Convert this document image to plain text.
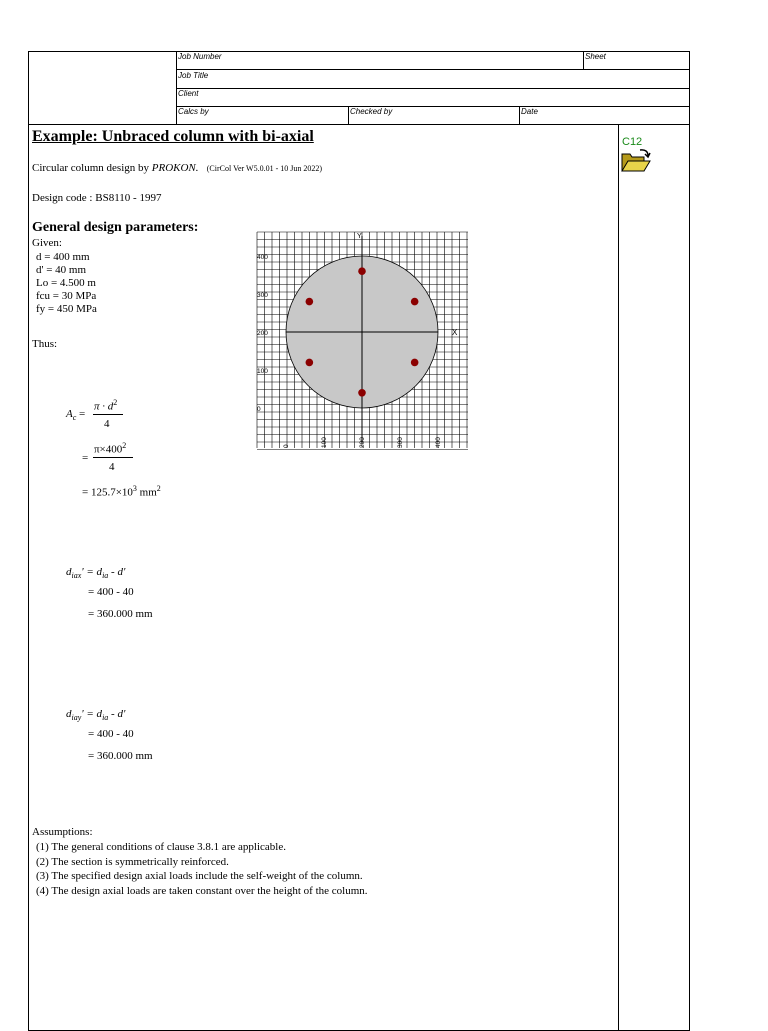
Job Number	Sheet
Job Title
Client
Calcs by	Checked by	Date
C12
Example: Unbraced column with bi-axial
Circular column design by PROKON. (CirCol Ver W5.0.01 - 10 Jun 2022)
Design code : BS8110 - 1997
General design parameters:
Given:
d = 400 mm
d' = 40 mm
Lo = 4.500 m
fcu = 30 MPa
fy = 450 MPa
Thus:
$A_c$ =
$\pi \cdot d^2$
4
=
$\pi\times 400^2$
4
= $125.7\times 10^3$ $mm^2$
$d_{iax}' = d_{ia} - d'$
= 400 - 40
= 360.000 mm
$d_{iay}' = d_{ia} - d'$
= 400 - 40
= 360.000 mm
Assumptions:
(1) The general conditions of clause 3.8.1 are applicable.
(2) The section is symmetrically reinforced.
(3) The specified design axial loads include the self-weight of the column.
(4) The design axial loads are taken constant over the height of the column.
Y
X
400
300
200
100
0
0	100	200	300	400
